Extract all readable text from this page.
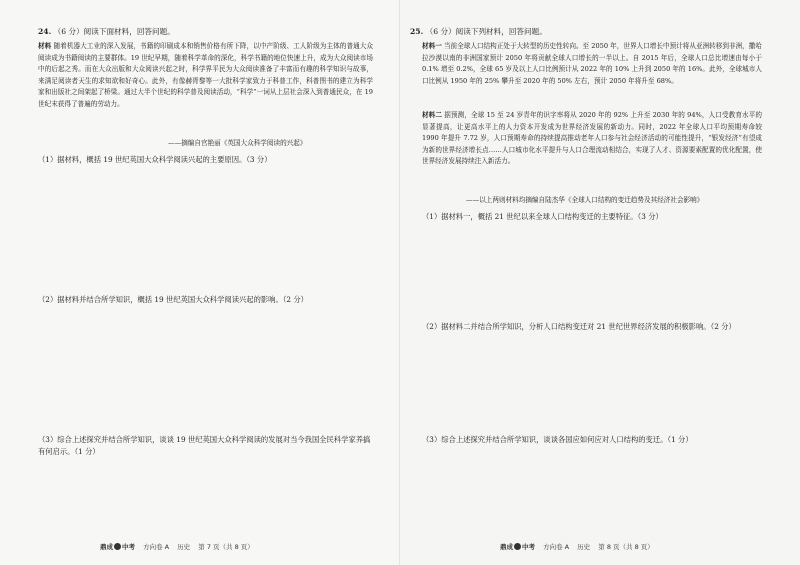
24. （6 分）阅读下面材料，回答问题。

材料 随着机器大工业的深入发展，书籍的印刷成本和销售价格有所下降，以中产阶级、工人阶级为主体的普通大众阅读成为书籍阅读的主要群体。19 世纪早期，随着科学革命的深化，科学书籍的地位快速上升，成为大众阅读市场中的后起之秀。而在大众出版和大众阅读兴起之时，科学界平民为大众阅读准备了丰富而有趣的科学知识与故事，来满足阅读者天生的求知欲和好奇心。此外，有像赫胥黎等一大批科学家致力于科普工作，科普图书的建立为科学家和出版社之间架起了桥梁。通过大半个世纪的科学普及阅读活动，“科学”一词从上层社会深入到普通民众，在 19 世纪末获得了普遍的劳动力。

——摘编自官艳丽《英国大众科学阅读的兴起》

（1）据材料，概括 19 世纪英国大众科学阅读兴起的主要原因。（3 分）

（2）据材料并结合所学知识，概括 19 世纪英国大众科学阅读兴起的影响。（2 分）

（3）综合上述探究并结合所学知识，谈谈 19 世纪英国大众科学阅读的发展对当今我国全民科学家养搞有何启示。（1 分）

鼎成 中考 方向卷 A 历史 第 7 页（共 8 页）
25. （6 分）阅读下列材料，回答问题。

材料一 当前全球人口结构正处于大转型的历史性转向。至 2050 年，世界人口增长中预计将从亚洲转移到非洲，撒哈拉沙漠以南的非洲国家预计 2050 年将贡献全球人口增长的一半以上。自 2015 年后，全球人口总比增速由每小于 0.1% 增至 0.2%，全球 65 岁及以上人口比例预计从 2022 年的 10% 上升到 2050 年的 16%。此外，全球城市人口比例从 1950 年的 25% 攀升至 2020 年的 50% 左右，预计 2050 年将升至 68%。

材料二 据预测，全球 15 至 24 岁青年的识字率将从 2020 年的 92% 上升至 2030 年的 94%，人口受教育水平的显著提高，让更高水平上的人力资本开发成为世界经济发展的新动力。同时，2022 年全球人口平均预期寿命较 1990 年提升 7.72 岁，人口预期寿命的持续提高推动老年人口参与社会经济活动的可能性提升，“银发经济”有望成为新的世界经济增长点……人口城市化水平提升与人口合理流动相结合，实现了人才、资源要素配置的优化配置，使世界经济发展持续注入新活力。

——以上两则材料均摘编自陆杰华《全球人口结构的变迁趋势及其经济社会影响》

（1）据材料一，概括 21 世纪以来全球人口结构变迁的主要特征。（3 分）

（2）据材料二并结合所学知识，分析人口结构变迁对 21 世纪世界经济发展的积极影响。（2 分）

（3）综合上述探究并结合所学知识，谈谈各国应如何应对人口结构的变迁。（1 分）

鼎成 中考 方向卷 A 历史 第 8 页（共 8 页）
